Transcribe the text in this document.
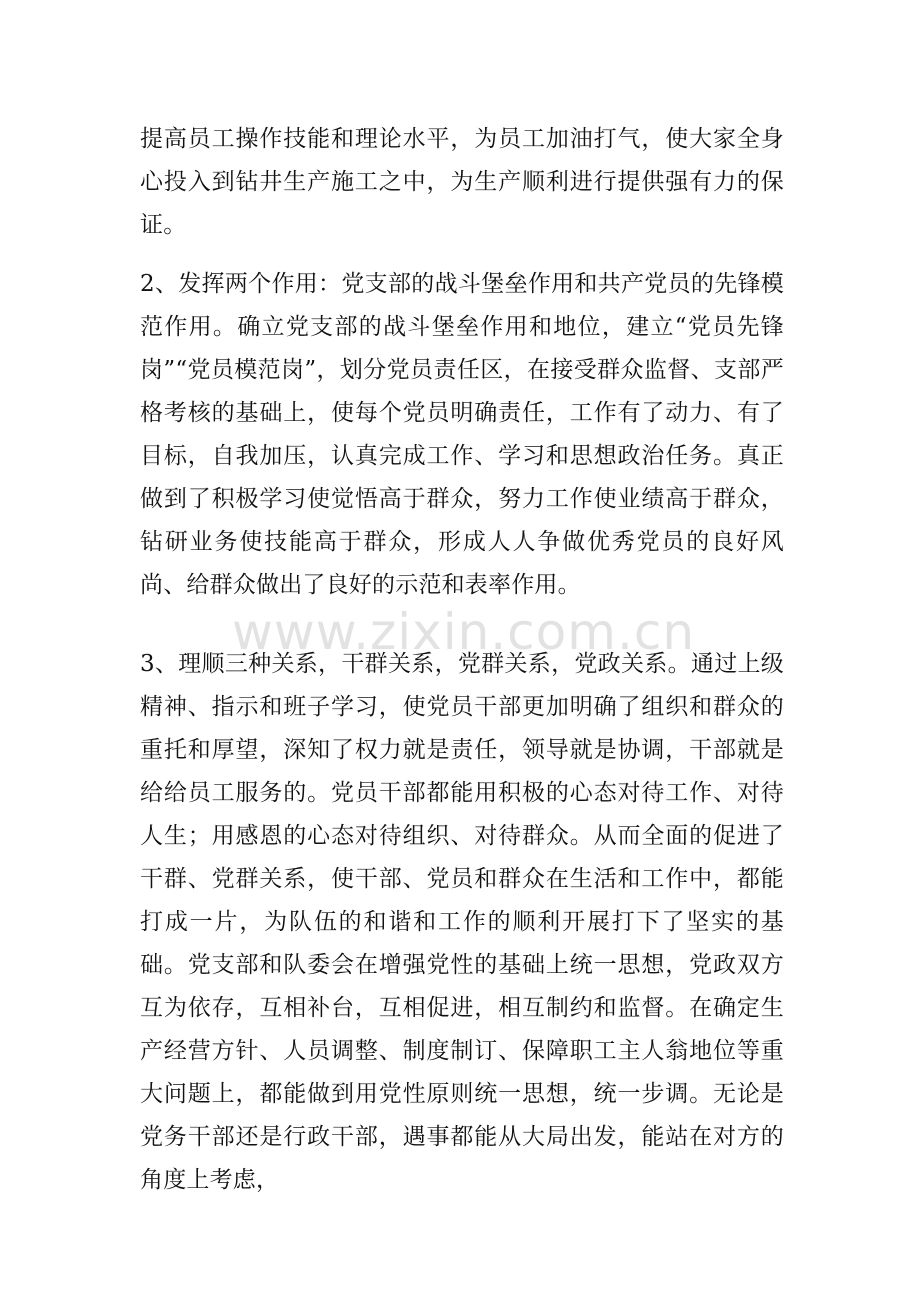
提高员工操作技能和理论水平，为员工加油打气，使大家全身心投入到钻井生产施工之中，为生产顺利进行提供强有力的保证。

2、发挥两个作用：党支部的战斗堡垒作用和共产党员的先锋模范作用。确立党支部的战斗堡垒作用和地位，建立“党员先锋岗”“党员模范岗”，划分党员责任区，在接受群众监督、支部严格考核的基础上，使每个党员明确责任，工作有了动力、有了目标，自我加压，认真完成工作、学习和思想政治任务。真正做到了积极学习使觉悟高于群众，努力工作使业绩高于群众，钻研业务使技能高于群众，形成人人争做优秀党员的良好风尚、给群众做出了良好的示范和表率作用。

www.zixin.com.cn

3、理顺三种关系，干群关系，党群关系，党政关系。通过上级精神、指示和班子学习，使党员干部更加明确了组织和群众的重托和厚望，深知了权力就是责任，领导就是协调，干部就是给给员工服务的。党员干部都能用积极的心态对待工作、对待人生；用感恩的心态对待组织、对待群众。从而全面的促进了干群、党群关系，使干部、党员和群众在生活和工作中，都能打成一片，为队伍的和谐和工作的顺利开展打下了坚实的基础。党支部和队委会在增强党性的基础上统一思想，党政双方互为依存，互相补台，互相促进，相互制约和监督。在确定生产经营方针、人员调整、制度制订、保障职工主人翁地位等重大问题上，都能做到用党性原则统一思想，统一步调。无论是党务干部还是行政干部，遇事都能从大局出发，能站在对方的角度上考虑，
